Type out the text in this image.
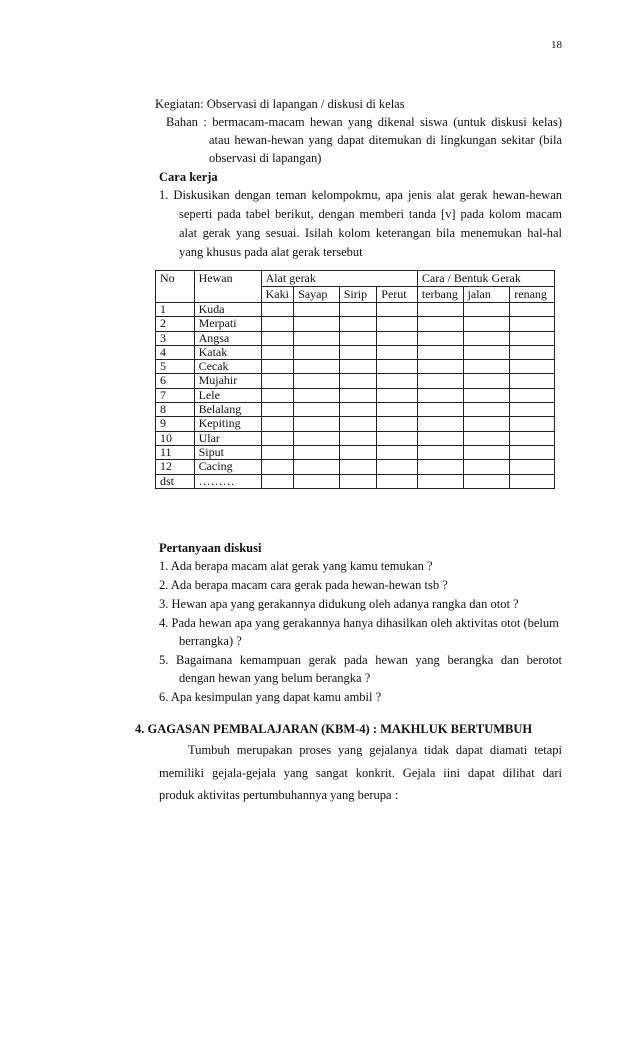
18
Kegiatan: Observasi di lapangan / diskusi di kelas
Bahan : bermacam-macam hewan yang dikenal siswa (untuk diskusi kelas)
atau hewan-hewan yang dapat ditemukan di lingkungan sekitar (bila
observasi di lapangan)
Cara kerja
1. Diskusikan dengan teman kelompokmu, apa jenis alat gerak hewan-hewan
seperti pada tabel berikut, dengan memberi tanda [v] pada kolom macam
alat gerak yang sesuai. Isilah kolom keterangan bila menemukan hal-hal
yang khusus pada alat gerak tersebut
No	Hewan	Alat gerak				Cara / Bentuk Gerak		
		Kaki	Sayap	Sirip	Perut	terbang	jalan	renang
1	Kuda							
2	Merpati							
3	Angsa							
4	Katak							
5	Cecak							
6	Mujahir							
7	Lele							
8	Belalang							
9	Kepiting							
10	Ular							
11	Siput							
12	Cacing							
dst	………							
Pertanyaan diskusi
1. Ada berapa macam alat gerak yang kamu temukan ?
2. Ada berapa macam cara gerak pada hewan-hewan tsb ?
3. Hewan apa yang gerakannya didukung oleh adanya rangka dan otot ?
4. Pada hewan apa yang gerakannya hanya dihasilkan oleh aktivitas otot (belum
berrangka) ?
5. Bagaimana kemampuan gerak pada hewan yang berangka dan berotot
dengan hewan yang belum berangka ?
6. Apa kesimpulan yang dapat kamu ambil ?
4. GAGASAN PEMBALAJARAN (KBM-4) : MAKHLUK BERTUMBUH
Tumbuh merupakan proses yang gejalanya tidak dapat diamati tetapi
memiliki gejala-gejala yang sangat konkrit. Gejala iini dapat dilihat dari
produk aktivitas pertumbuhannya yang berupa :
